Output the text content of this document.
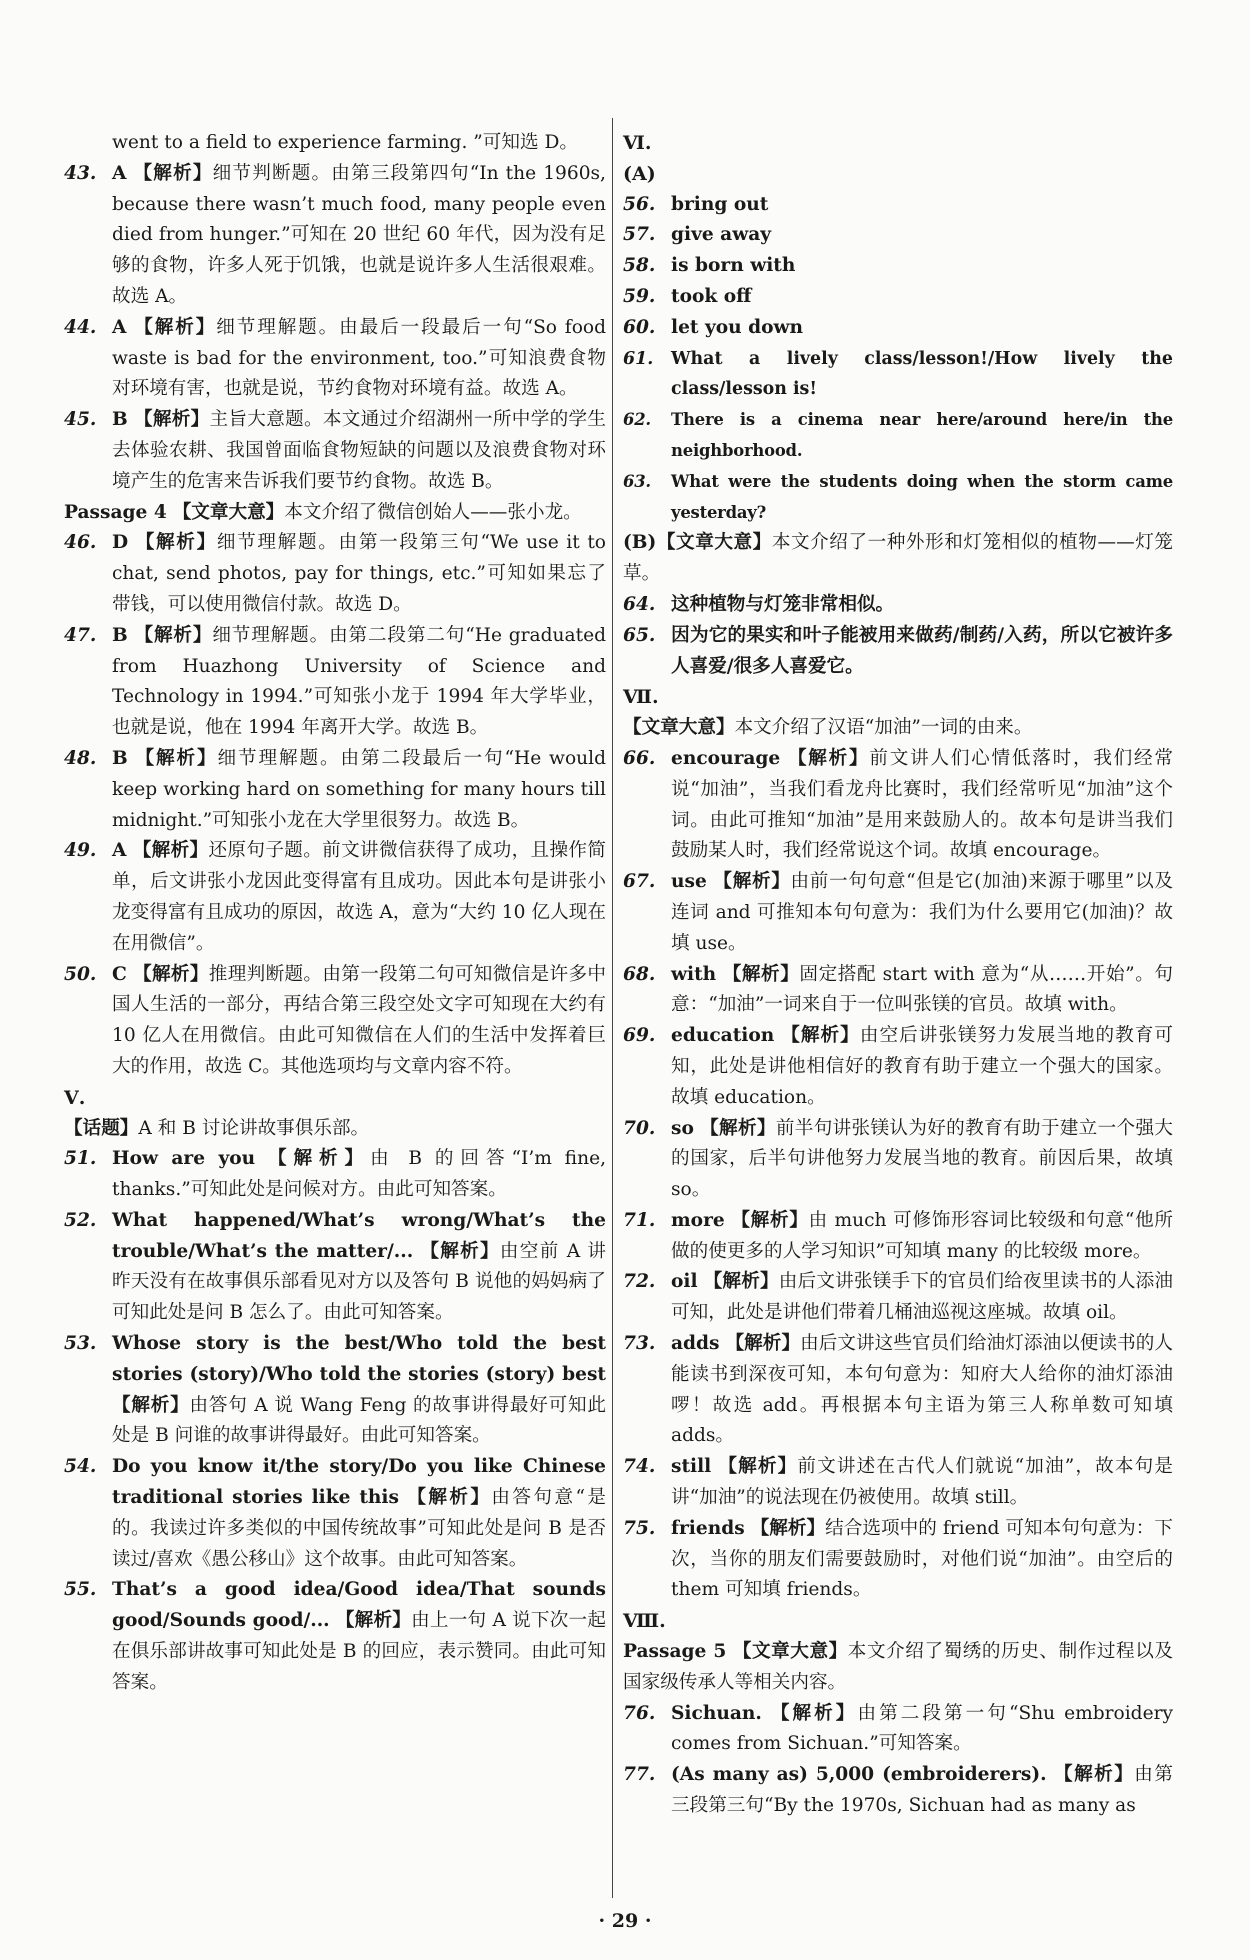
went to a field to experience farming. ”可知选 D。

43. A 【解析】细节判断题。由第三段第四句“In the 1960s, because there wasn’t much food, many people even died from hunger.”可知在 20 世纪 60 年代，因为没有足够的食物，许多人死于饥饿，也就是说许多人生活很艰难。故选 A。

44. A 【解析】细节理解题。由最后一段最后一句“So food waste is bad for the environment, too.”可知浪费食物对环境有害，也就是说，节约食物对环境有益。故选 A。

45. B 【解析】主旨大意题。本文通过介绍湖州一所中学的学生去体验农耕、我国曾面临食物短缺的问题以及浪费食物对环境产生的危害来告诉我们要节约食物。故选 B。

Passage 4 【文章大意】本文介绍了微信创始人——张小龙。

46. D 【解析】细节理解题。由第一段第三句“We use it to chat, send photos, pay for things, etc.”可知如果忘了带钱，可以使用微信付款。故选 D。

47. B 【解析】细节理解题。由第二段第二句“He graduated from Huazhong University of Science and Technology in 1994.”可知张小龙于 1994 年大学毕业，也就是说，他在 1994 年离开大学。故选 B。

48. B 【解析】细节理解题。由第二段最后一句“He would keep working hard on something for many hours till midnight.”可知张小龙在大学里很努力。故选 B。

49. A 【解析】还原句子题。前文讲微信获得了成功，且操作简单，后文讲张小龙因此变得富有且成功。因此本句是讲张小龙变得富有且成功的原因，故选 A，意为“大约 10 亿人现在在用微信”。

50. C 【解析】推理判断题。由第一段第二句可知微信是许多中国人生活的一部分，再结合第三段空处文字可知现在大约有 10 亿人在用微信。由此可知微信在人们的生活中发挥着巨大的作用，故选 C。其他选项均与文章内容不符。

Ⅴ.

【话题】A 和 B 讨论讲故事俱乐部。

51. How are you 【解析】由 B 的回答“I’m fine, thanks.”可知此处是问候对方。由此可知答案。

52. What happened/What’s wrong/What’s the trouble/What’s the matter/... 【解析】由空前 A 讲昨天没有在故事俱乐部看见对方以及答句 B 说他的妈妈病了可知此处是问 B 怎么了。由此可知答案。

53. Whose story is the best/Who told the best stories (story)/Who told the stories (story) best 【解析】由答句 A 说 Wang Feng 的故事讲得最好可知此处是 B 问谁的故事讲得最好。由此可知答案。

54. Do you know it/the story/Do you like Chinese traditional stories like this 【解析】由答句意“是的。我读过许多类似的中国传统故事”可知此处是问 B 是否读过/喜欢《愚公移山》这个故事。由此可知答案。

55. That’s a good idea/Good idea/That sounds good/Sounds good/... 【解析】由上一句 A 说下次一起在俱乐部讲故事可知此处是 B 的回应，表示赞同。由此可知答案。

Ⅵ.

(A)

56. bring out

57. give away

58. is born with

59. took off

60. let you down

61. What a lively class/lesson!/How lively the class/lesson is!

62. There is a cinema near here/around here/in the neighborhood.

63. What were the students doing when the storm came yesterday?

(B)【文章大意】本文介绍了一种外形和灯笼相似的植物——灯笼草。

64. 这种植物与灯笼非常相似。

65. 因为它的果实和叶子能被用来做药/制药/入药，所以它被许多人喜爱/很多人喜爱它。

Ⅶ.

【文章大意】本文介绍了汉语“加油”一词的由来。

66. encourage 【解析】前文讲人们心情低落时，我们经常说“加油”，当我们看龙舟比赛时，我们经常听见“加油”这个词。由此可推知“加油”是用来鼓励人的。故本句是讲当我们鼓励某人时，我们经常说这个词。故填 encourage。

67. use 【解析】由前一句句意“但是它(加油)来源于哪里”以及连词 and 可推知本句句意为：我们为什么要用它(加油)？故填 use。

68. with 【解析】固定搭配 start with 意为“从……开始”。句意：“加油”一词来自于一位叫张镁的官员。故填 with。

69. education 【解析】由空后讲张镁努力发展当地的教育可知，此处是讲他相信好的教育有助于建立一个强大的国家。故填 education。

70. so 【解析】前半句讲张镁认为好的教育有助于建立一个强大的国家，后半句讲他努力发展当地的教育。前因后果，故填 so。

71. more 【解析】由 much 可修饰形容词比较级和句意“他所做的使更多的人学习知识”可知填 many 的比较级 more。

72. oil 【解析】由后文讲张镁手下的官员们给夜里读书的人添油可知，此处是讲他们带着几桶油巡视这座城。故填 oil。

73. adds 【解析】由后文讲这些官员们给油灯添油以便读书的人能读书到深夜可知，本句句意为：知府大人给你的油灯添油啰！故选 add。再根据本句主语为第三人称单数可知填 adds。

74. still 【解析】前文讲述在古代人们就说“加油”，故本句是讲“加油”的说法现在仍被使用。故填 still。

75. friends 【解析】结合选项中的 friend 可知本句句意为：下次，当你的朋友们需要鼓励时，对他们说“加油”。由空后的 them 可知填 friends。

Ⅷ.

Passage 5 【文章大意】本文介绍了蜀绣的历史、制作过程以及国家级传承人等相关内容。

76. Sichuan. 【解析】由第二段第一句“Shu embroidery comes from Sichuan.”可知答案。

77. (As many as) 5,000 (embroiderers). 【解析】由第三段第三句“By the 1970s, Sichuan had as many as

· 29 ·
